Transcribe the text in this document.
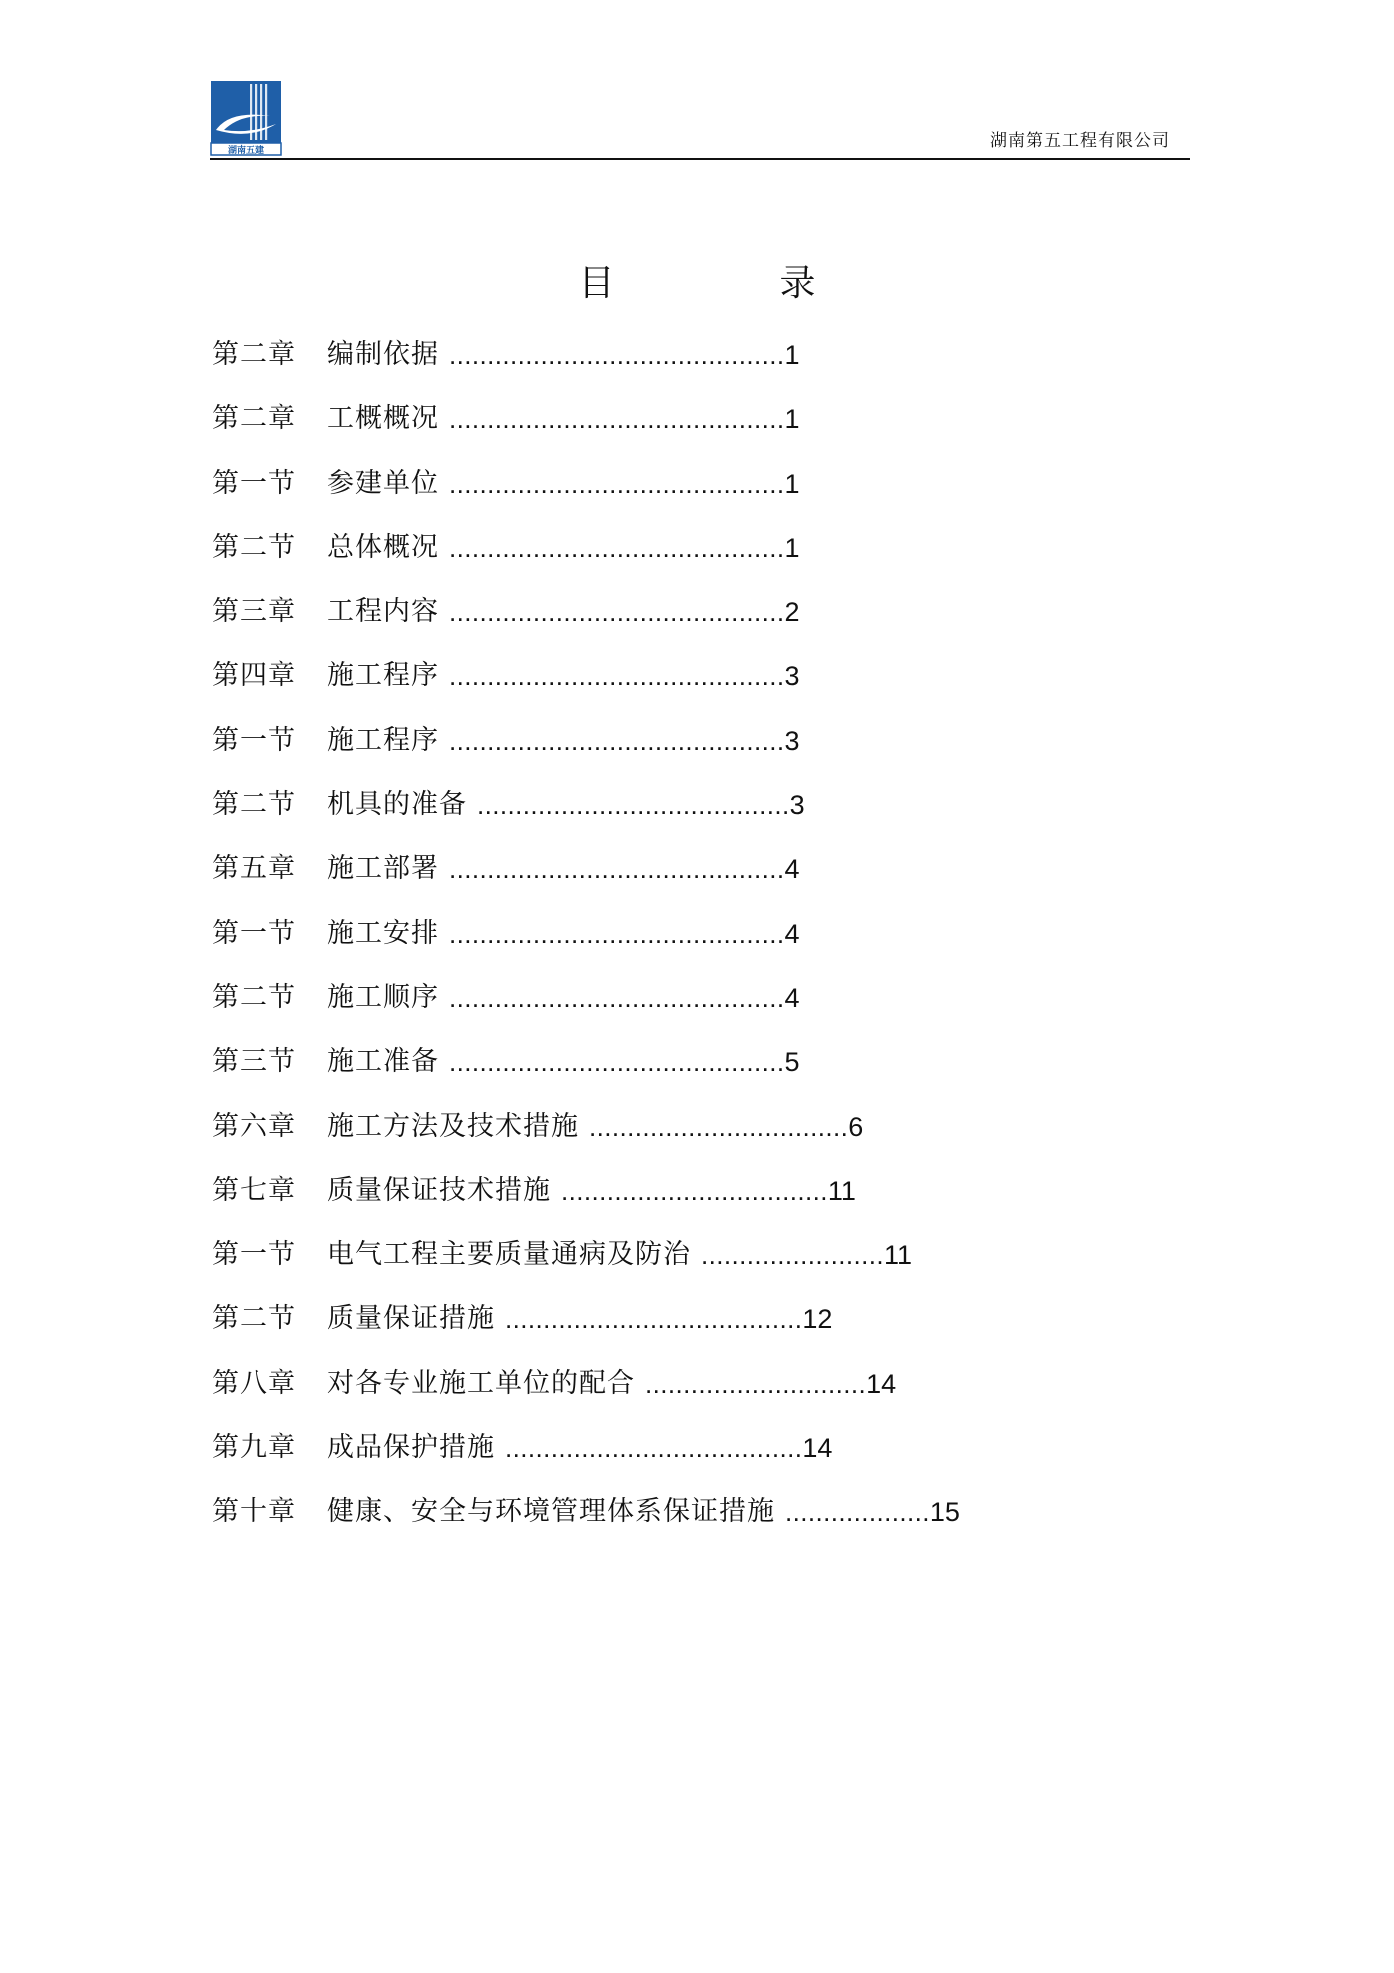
湖南五建	湖南第五工程有限公司
目	录
第二章	编制依据 ............................................ 1
第二章	工概概况 ............................................ 1
第一节	参建单位 ............................................ 1
第二节	总体概况 ............................................ 1
第三章	工程内容 ............................................ 2
第四章	施工程序 ............................................ 3
第一节	施工程序 ............................................ 3
第二节	机具的准备 ......................................... 3
第五章	施工部署 ............................................ 4
第一节	施工安排 ............................................ 4
第二节	施工顺序 ............................................ 4
第三节	施工准备 ............................................ 5
第六章	施工方法及技术措施 .................................. 6
第七章	质量保证技术措施 ................................... 11
第一节	电气工程主要质量通病及防治 ........................ 11
第二节	质量保证措施 ....................................... 12
第八章	对各专业施工单位的配合 ............................. 14
第九章	成品保护措施 ....................................... 14
第十章	健康、安全与环境管理体系保证措施 ................... 15
